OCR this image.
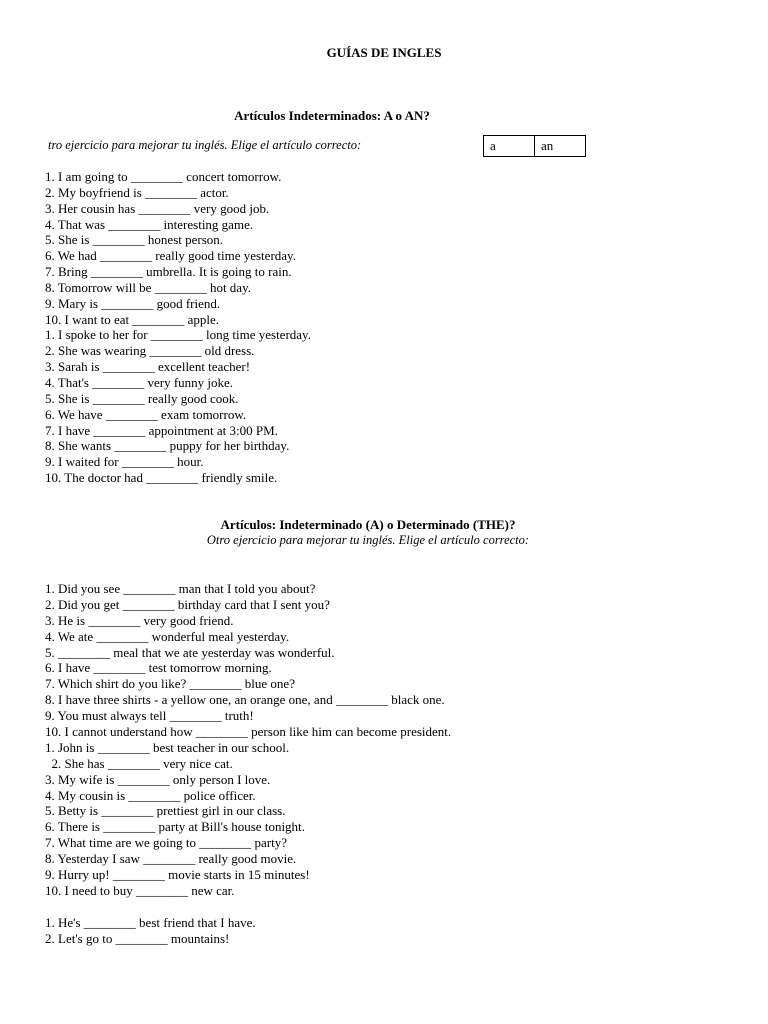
GUÍAS DE INGLES
Artículos Indeterminados: A o AN?
tro ejercicio para mejorar tu inglés. Elige el artículo correcto:	a	an
1. I am going to ________ concert tomorrow.
2. My boyfriend is ________ actor.
3. Her cousin has ________ very good job.
4. That was ________ interesting game.
5. She is ________ honest person.
6. We had ________ really good time yesterday.
7. Bring ________ umbrella. It is going to rain.
8. Tomorrow will be ________ hot day.
9. Mary is ________ good friend.
10. I want to eat ________ apple.
1. I spoke to her for ________ long time yesterday.
2. She was wearing ________ old dress.
3. Sarah is ________ excellent teacher!
4. That's ________ very funny joke.
5. She is ________ really good cook.
6. We have ________ exam tomorrow.
7. I have ________ appointment at 3:00 PM.
8. She wants ________ puppy for her birthday.
9. I waited for ________ hour.
10. The doctor had ________ friendly smile.
Artículos: Indeterminado (A) o Determinado (THE)?
Otro ejercicio para mejorar tu inglés. Elige el artículo correcto:
1. Did you see ________ man that I told you about?
2. Did you get ________ birthday card that I sent you?
3. He is ________ very good friend.
4. We ate ________ wonderful meal yesterday.
5. ________ meal that we ate yesterday was wonderful.
6. I have ________ test tomorrow morning.
7. Which shirt do you like? ________ blue one?
8. I have three shirts - a yellow one, an orange one, and ________ black one.
9. You must always tell ________ truth!
10. I cannot understand how ________ person like him can become president.
1. John is ________ best teacher in our school.
2. She has ________ very nice cat.
3. My wife is ________ only person I love.
4. My cousin is ________ police officer.
5. Betty is ________ prettiest girl in our class.
6. There is ________ party at Bill's house tonight.
7. What time are we going to ________ party?
8. Yesterday I saw ________ really good movie.
9. Hurry up! ________ movie starts in 15 minutes!
10. I need to buy ________ new car.
1. He's ________ best friend that I have.
2. Let's go to ________ mountains!
